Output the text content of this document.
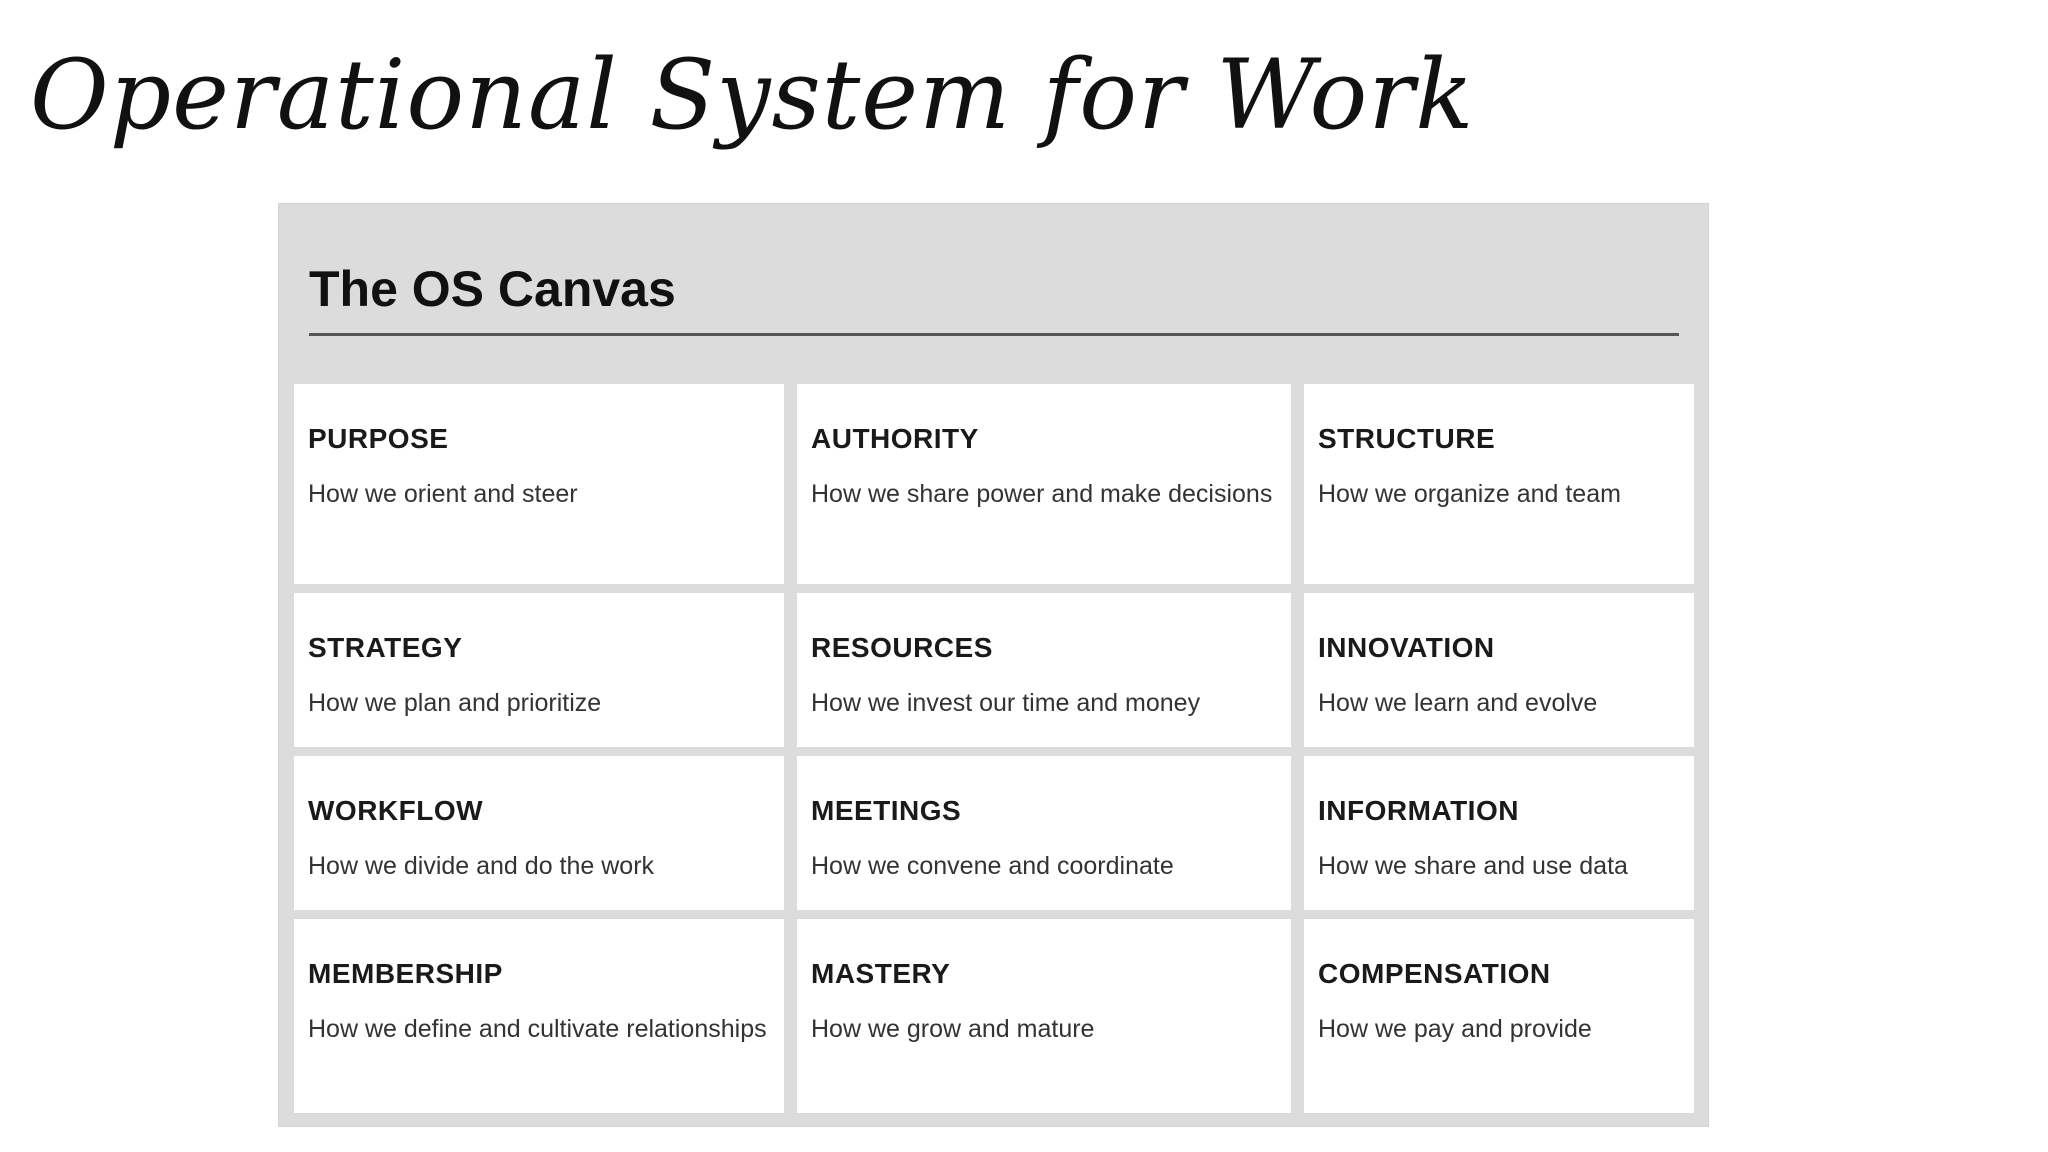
Operational System for Work
The OS Canvas
PURPOSE
How we orient and steer
AUTHORITY
How we share power and make decisions
STRUCTURE
How we organize and team
STRATEGY
How we plan and prioritize
RESOURCES
How we invest our time and money
INNOVATION
How we learn and evolve
WORKFLOW
How we divide and do the work
MEETINGS
How we convene and coordinate
INFORMATION
How we share and use data
MEMBERSHIP
How we define and cultivate relationships
MASTERY
How we grow and mature
COMPENSATION
How we pay and provide
